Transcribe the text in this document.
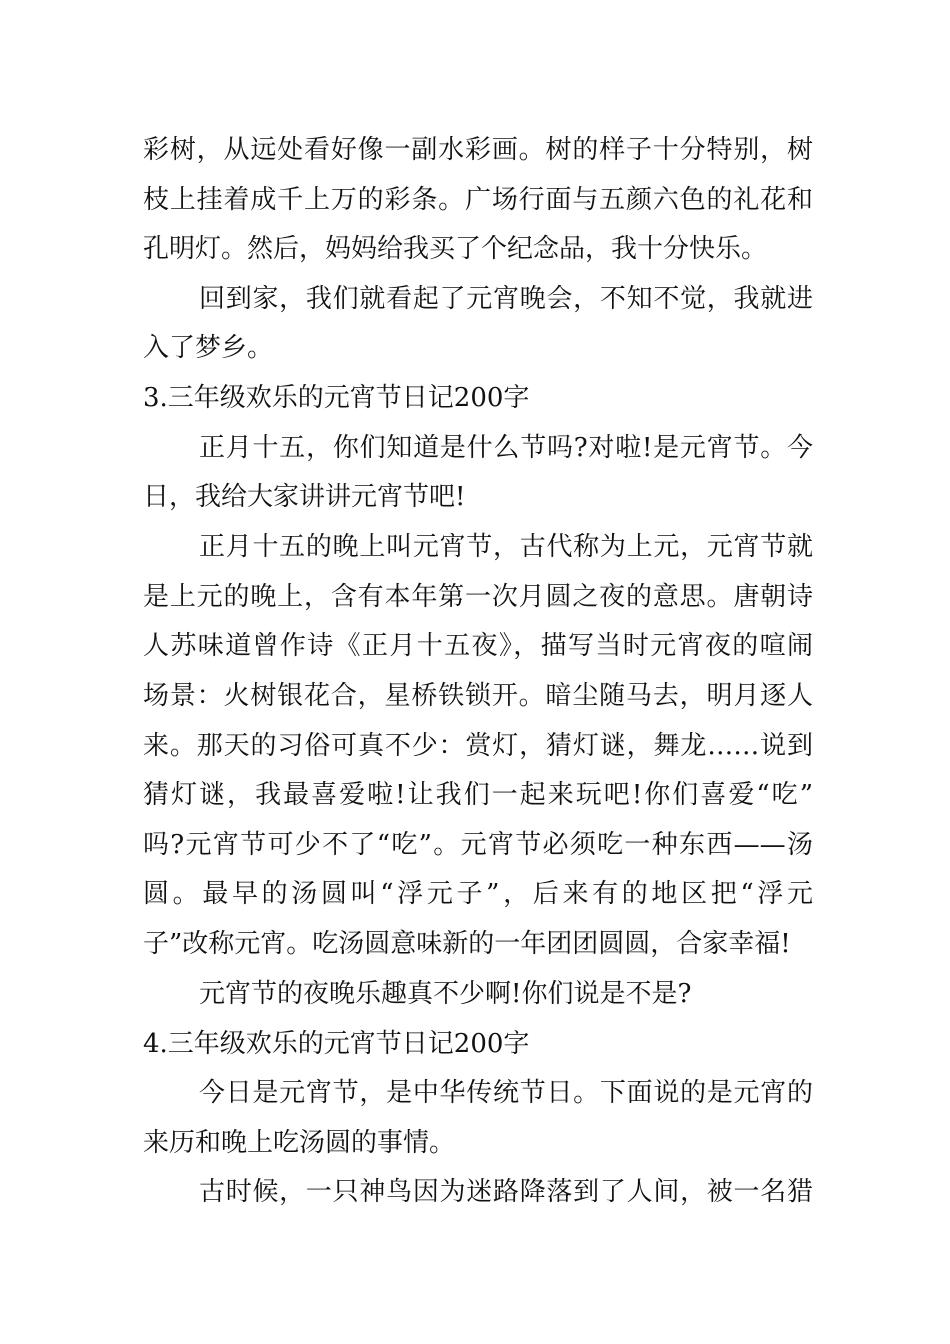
彩树，从远处看好像一副水彩画。树的样子十分特别，树
枝上挂着成千上万的彩条。广场行面与五颜六色的礼花和
孔明灯。然后，妈妈给我买了个纪念品，我十分快乐。
回到家，我们就看起了元宵晚会，不知不觉，我就进
入了梦乡。
3.三年级欢乐的元宵节日记200字
正月十五，你们知道是什么节吗?对啦!是元宵节。今
日，我给大家讲讲元宵节吧!
正月十五的晚上叫元宵节，古代称为上元，元宵节就
是上元的晚上，含有本年第一次月圆之夜的意思。唐朝诗
人苏味道曾作诗《正月十五夜》，描写当时元宵夜的喧闹
场景：火树银花合，星桥铁锁开。暗尘随马去，明月逐人
来。那天的习俗可真不少：赏灯，猜灯谜，舞龙……说到
猜灯谜，我最喜爱啦!让我们一起来玩吧!你们喜爱“吃”
吗?元宵节可少不了“吃”。元宵节必须吃一种东西——汤
圆。最早的汤圆叫“浮元子”，后来有的地区把“浮元
子”改称元宵。吃汤圆意味新的一年团团圆圆，合家幸福!
元宵节的夜晚乐趣真不少啊!你们说是不是?
4.三年级欢乐的元宵节日记200字
今日是元宵节，是中华传统节日。下面说的是元宵的
来历和晚上吃汤圆的事情。
古时候，一只神鸟因为迷路降落到了人间，被一名猎
